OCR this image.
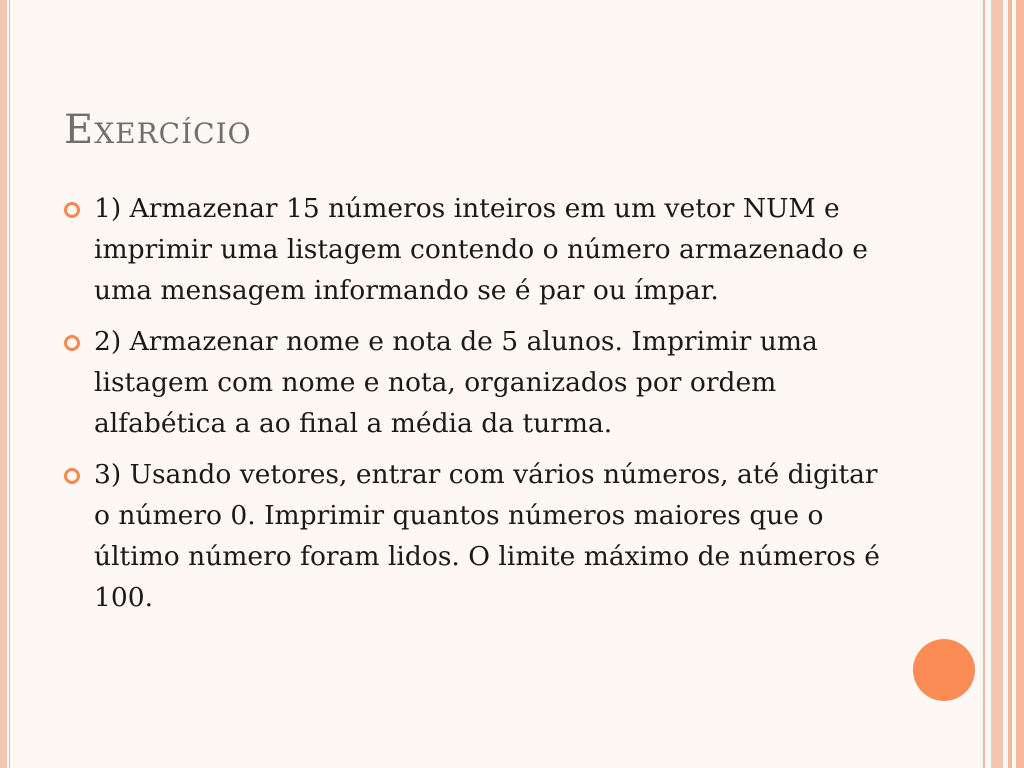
Exercício
1) Armazenar 15 números inteiros em um vetor NUM e imprimir uma listagem contendo o número armazenado e uma mensagem informando se é par ou ímpar.
2) Armazenar nome e nota de 5 alunos. Imprimir uma listagem com nome e nota, organizados por ordem alfabética a ao final a média da turma.
3) Usando vetores, entrar com vários números, até digitar o número 0. Imprimir quantos números maiores que o último número foram lidos. O limite máximo de números é 100.
